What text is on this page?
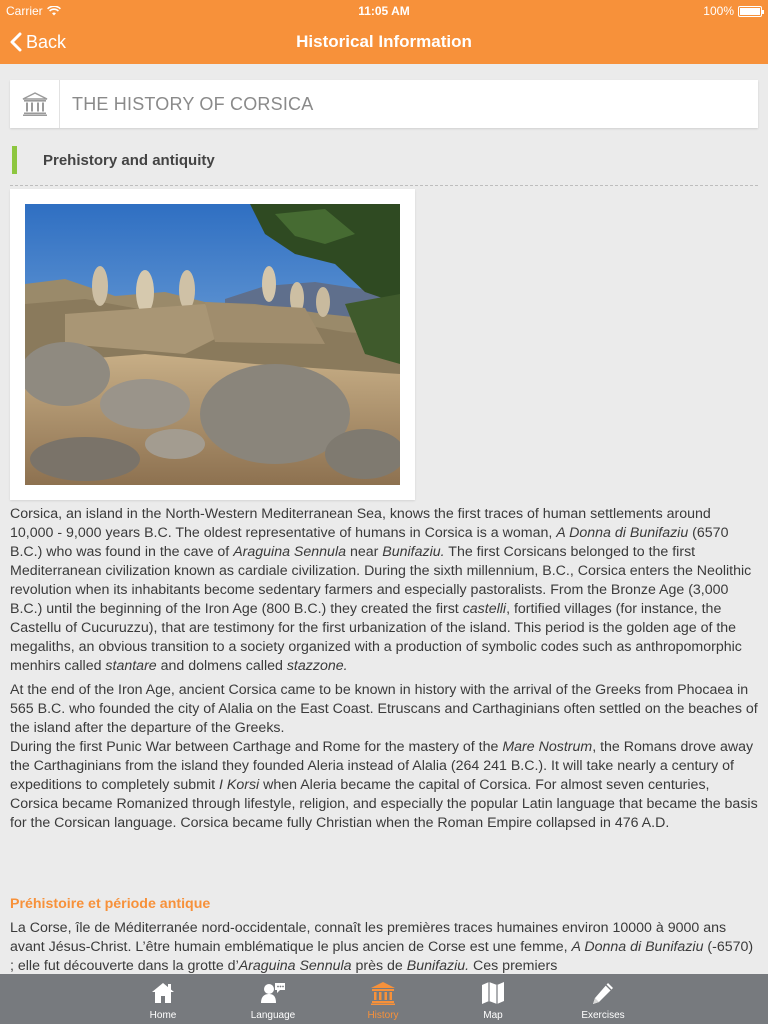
Carrier	11:05 AM	100%
Back	Historical Information
THE HISTORY OF CORSICA
Prehistory and antiquity

Corsica, an island in the North-Western Mediterranean Sea, knows the first traces of human settlements around 10,000 - 9,000 years B.C. The oldest representative of humans in Corsica is a woman, A Donna di Bunifaziu (6570 B.C.) who was found in the cave of Araguina Sennula near Bunifaziu. The first Corsicans belonged to the first Mediterranean civilization known as cardiale civilization. During the sixth millennium, B.C., Corsica enters the Neolithic revolution when its inhabitants become sedentary farmers and especially pastoralists. From the Bronze Age (3,000 B.C.) until the beginning of the Iron Age (800 B.C.) they created the first castelli, fortified villages (for instance, the Castellu of Cucuruzzu), that are testimony for the first urbanization of the island. This period is the golden age of the megaliths, an obvious transition to a society organized with a production of symbolic codes such as anthropomorphic menhirs called stantare and dolmens called stazzone.

At the end of the Iron Age, ancient Corsica came to be known in history with the arrival of the Greeks from Phocaea in 565 B.C. who founded the city of Alalia on the East Coast. Etruscans and Carthaginians often settled on the beaches of the island after the departure of the Greeks.

During the first Punic War between Carthage and Rome for the mastery of the Mare Nostrum, the Romans drove away the Carthaginians from the island they founded Aleria instead of Alalia (264 241 B.C.). It will take nearly a century of expeditions to completely submit I Korsi when Aleria became the capital of Corsica. For almost seven centuries, Corsica became Romanized through lifestyle, religion, and especially the popular Latin language that became the basis for the Corsican language. Corsica became fully Christian when the Roman Empire collapsed in 476 A.D.

Préhistoire et période antique

La Corse, île de Méditerranée nord-occidentale, connaît les premières traces humaines environ 10000 à 9000 ans avant Jésus-Christ. L’être humain emblématique le plus ancien de Corse est une femme, A Donna di Bunifaziu (-6570) ; elle fut découverte dans la grotte d’Araguina Sennula près de Bunifaziu. Ces premiers

Home	Language	History	Map	Exercises
